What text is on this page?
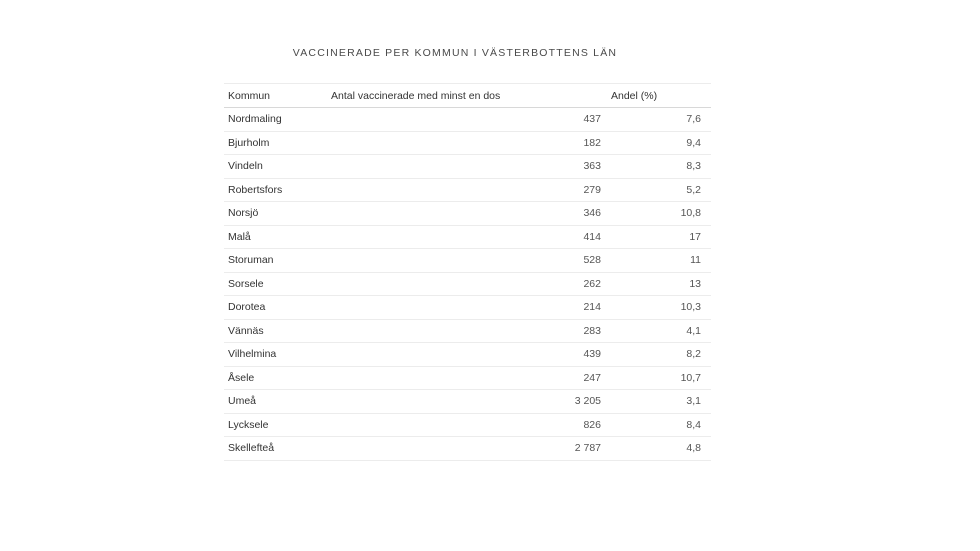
VACCINERADE PER KOMMUN I VÄSTERBOTTENS LÄN
Kommun	Antal vaccinerade med minst en dos	Andel (%)
Nordmaling	437	7,6
Bjurholm	182	9,4
Vindeln	363	8,3
Robertsfors	279	5,2
Norsjö	346	10,8
Malå	414	17
Storuman	528	11
Sorsele	262	13
Dorotea	214	10,3
Vännäs	283	4,1
Vilhelmina	439	8,2
Åsele	247	10,7
Umeå	3 205	3,1
Lycksele	826	8,4
Skellefteå	2 787	4,8
